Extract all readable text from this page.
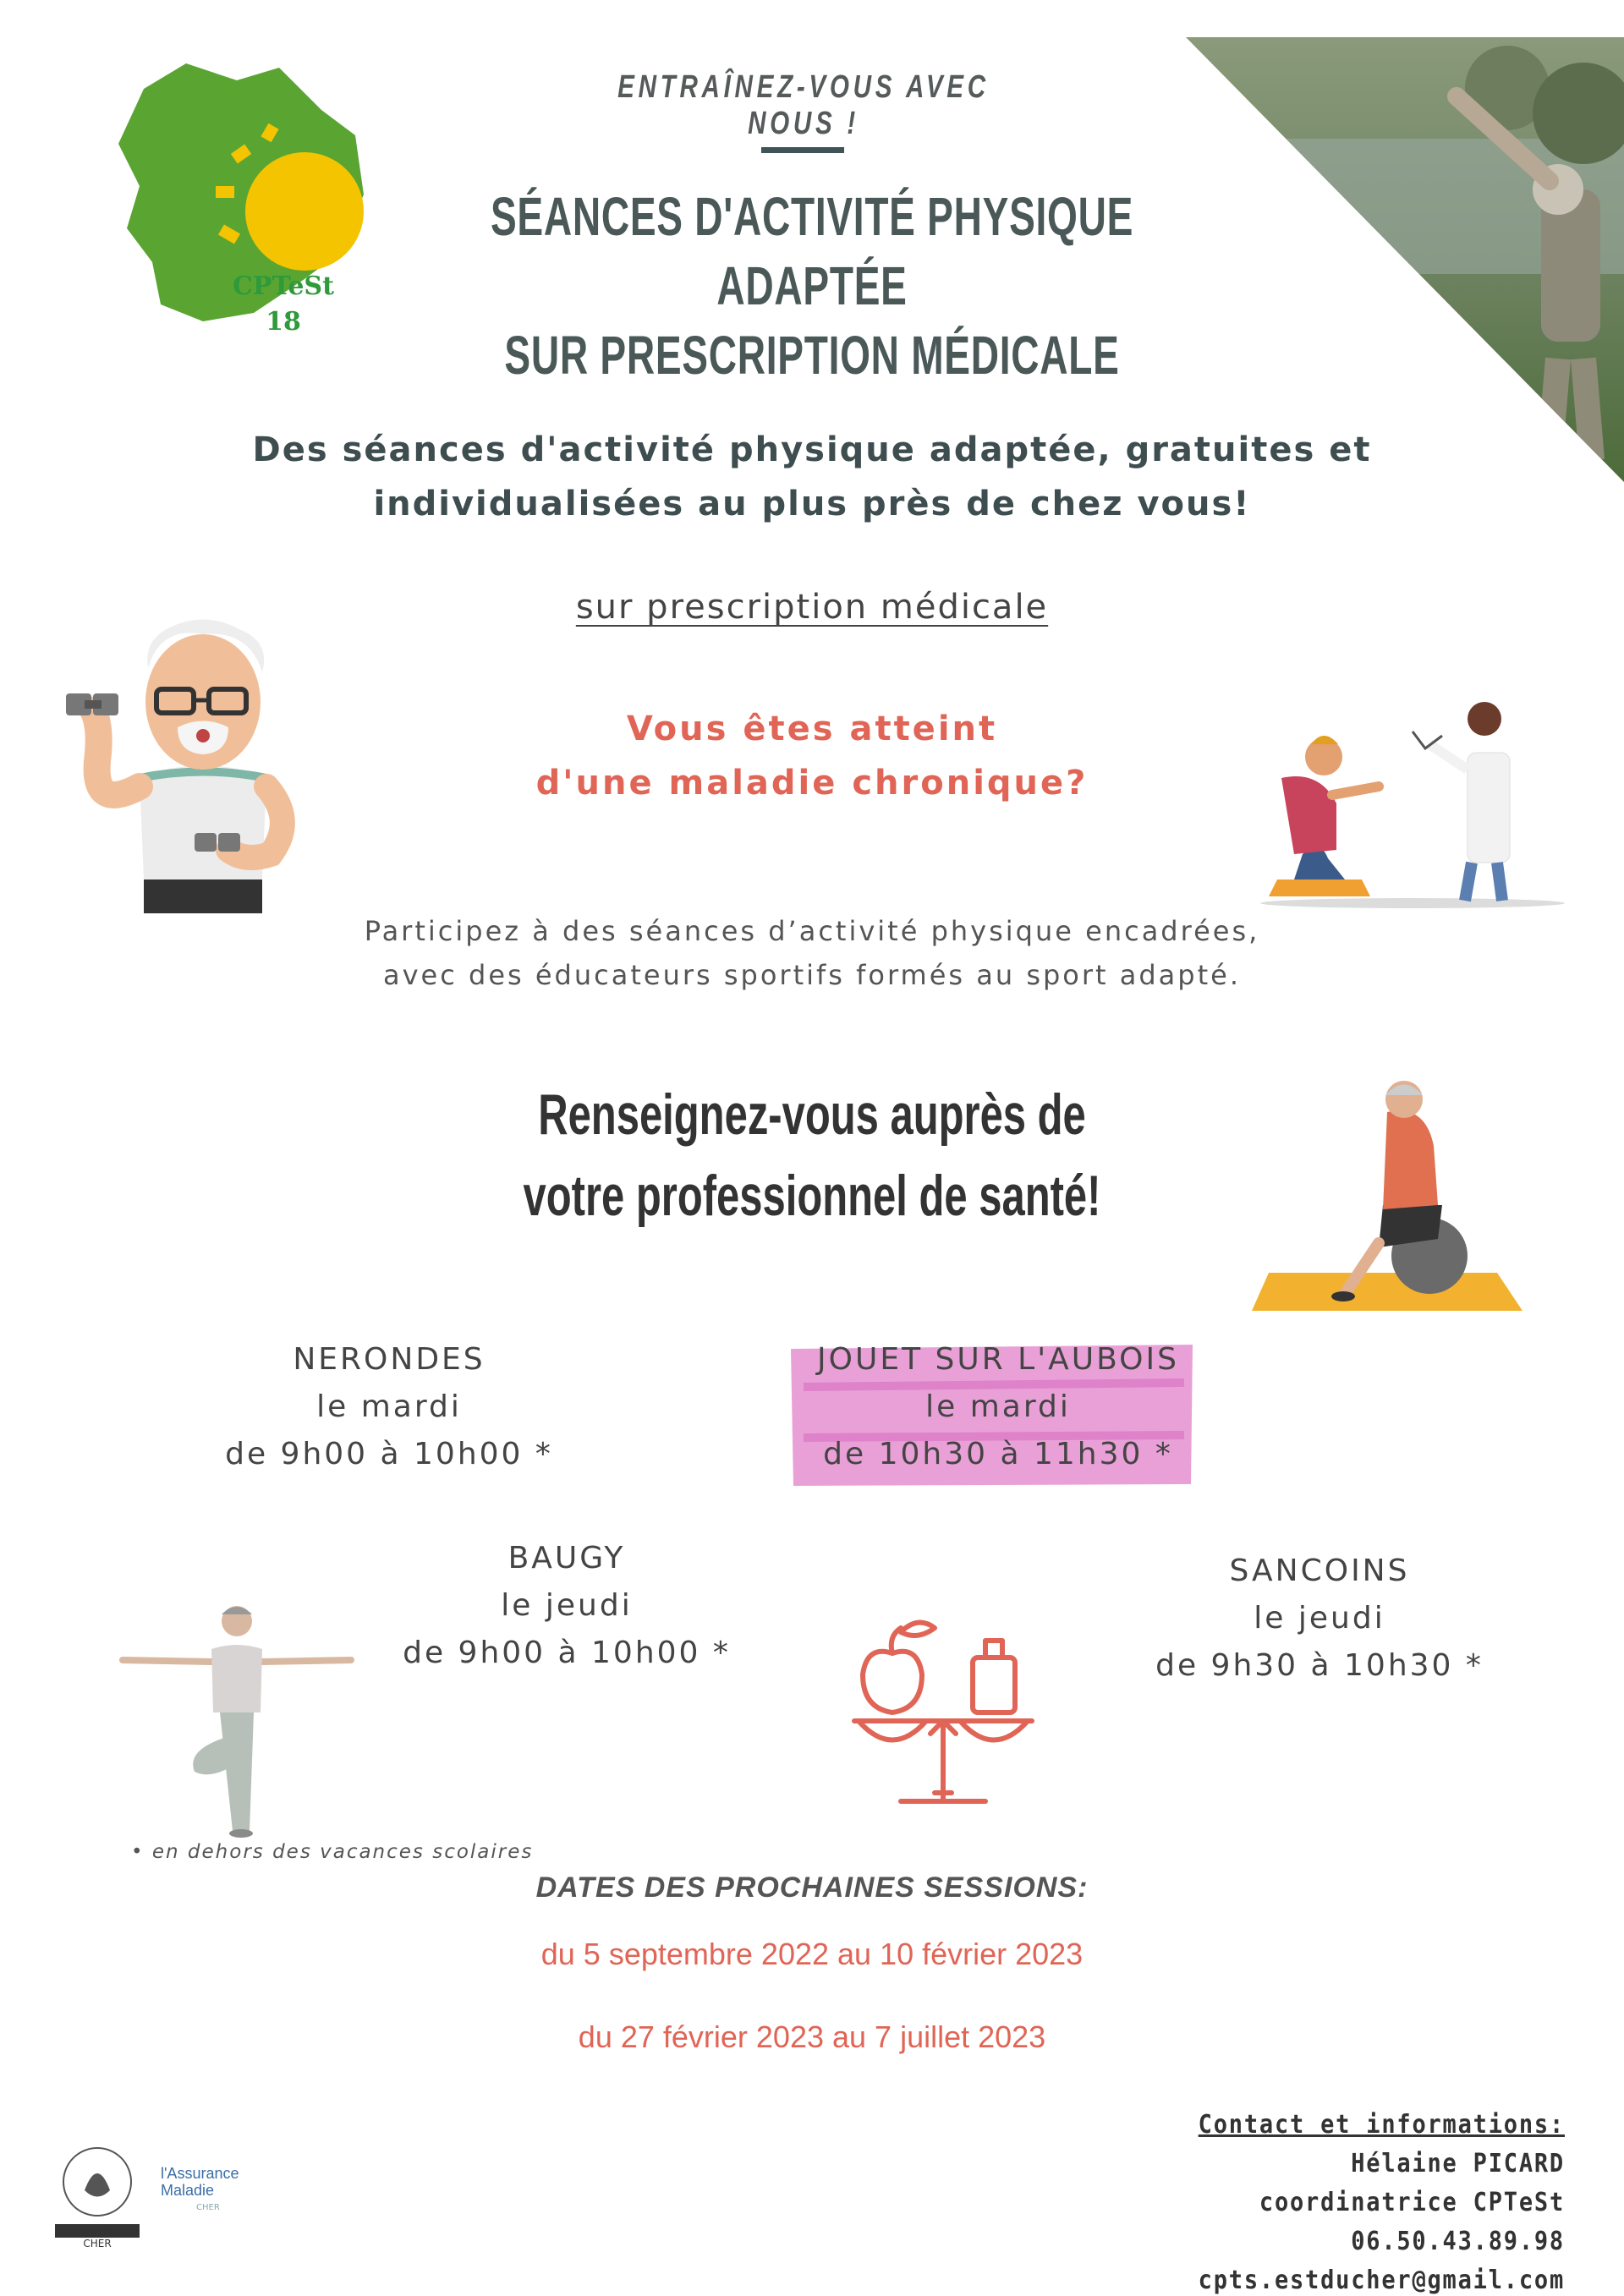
CPTeSt
18
ENTRAÎNEZ-VOUS AVEC NOUS !
SÉANCES D'ACTIVITÉ PHYSIQUE ADAPTÉE
SUR PRESCRIPTION MÉDICALE
Des séances d'activité physique adaptée, gratuites et
individualisées au plus près de chez vous!
sur prescription médicale
Vous êtes atteint
d'une maladie chronique?
Participez à des séances d’activité physique encadrées,
avec des éducateurs sportifs formés au sport adapté.
Renseignez-vous auprès de
votre professionnel de santé!
NERONDES
le mardi
de 9h00 à 10h00 *
JOUET SUR L'AUBOIS
le mardi
de 10h30 à 11h30 *
BAUGY
le jeudi
de 9h00 à 10h00 *
SANCOINS
le jeudi
de 9h30 à 10h30 *
• en dehors des vacances scolaires
DATES DES PROCHAINES SESSIONS:
du 5 septembre 2022 au 10 février 2023
du 27 février 2023 au 7 juillet 2023
Contact et informations:
Hélaine PICARD
coordinatrice CPTeSt
06.50.43.89.98
cpts.estducher@gmail.com
CDOS
CHER
l'Assurance
Maladie
CHER
